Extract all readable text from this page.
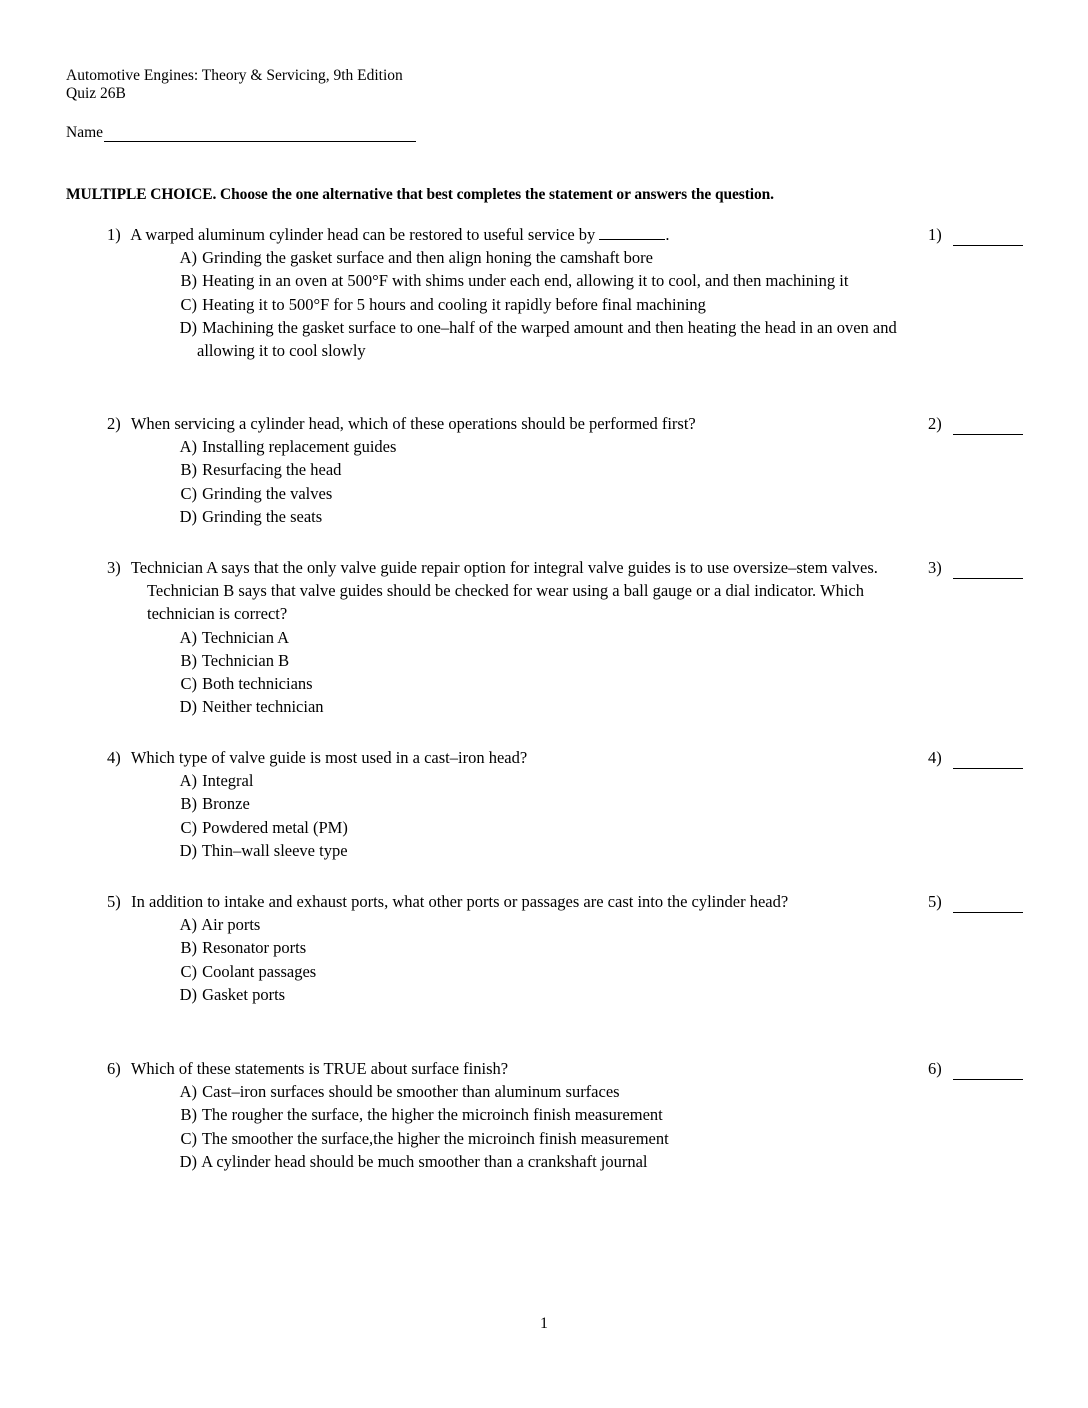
Automotive Engines: Theory & Servicing, 9th Edition
Quiz 26B
Name
MULTIPLE CHOICE. Choose the one alternative that best completes the statement or answers the question.
1) A warped aluminum cylinder head can be restored to useful service by	.
A) Grinding the gasket surface and then align honing the camshaft bore
B) Heating in an oven at 500°F with shims under each end, allowing it to cool, and then machining it
C) Heating it to 500°F for 5 hours and cooling it rapidly before final machining
D) Machining the gasket surface to one–half of the warped amount and then heating the head in an oven and allowing it to cool slowly
1)
2) When servicing a cylinder head, which of these operations should be performed first?
A) Installing replacement guides
B) Resurfacing the head
C) Grinding the valves
D) Grinding the seats
2)
3) Technician A says that the only valve guide repair option for integral valve guides is to use oversize–stem valves. Technician B says that valve guides should be checked for wear using a ball gauge or a dial indicator. Which technician is correct?
A) Technician A
B) Technician B
C) Both technicians
D) Neither technician
3)
4) Which type of valve guide is most used in a cast–iron head?
A) Integral
B) Bronze
C) Powdered metal (PM)
D) Thin–wall sleeve type
4)
5) In addition to intake and exhaust ports, what other ports or passages are cast into the cylinder head?
A) Air ports
B) Resonator ports
C) Coolant passages
D) Gasket ports
5)
6) Which of these statements is TRUE about surface finish?
A) Cast–iron surfaces should be smoother than aluminum surfaces
B) The rougher the surface, the higher the microinch finish measurement
C) The smoother the surface,the higher the microinch finish measurement
D) A cylinder head should be much smoother than a crankshaft journal
6)
1
